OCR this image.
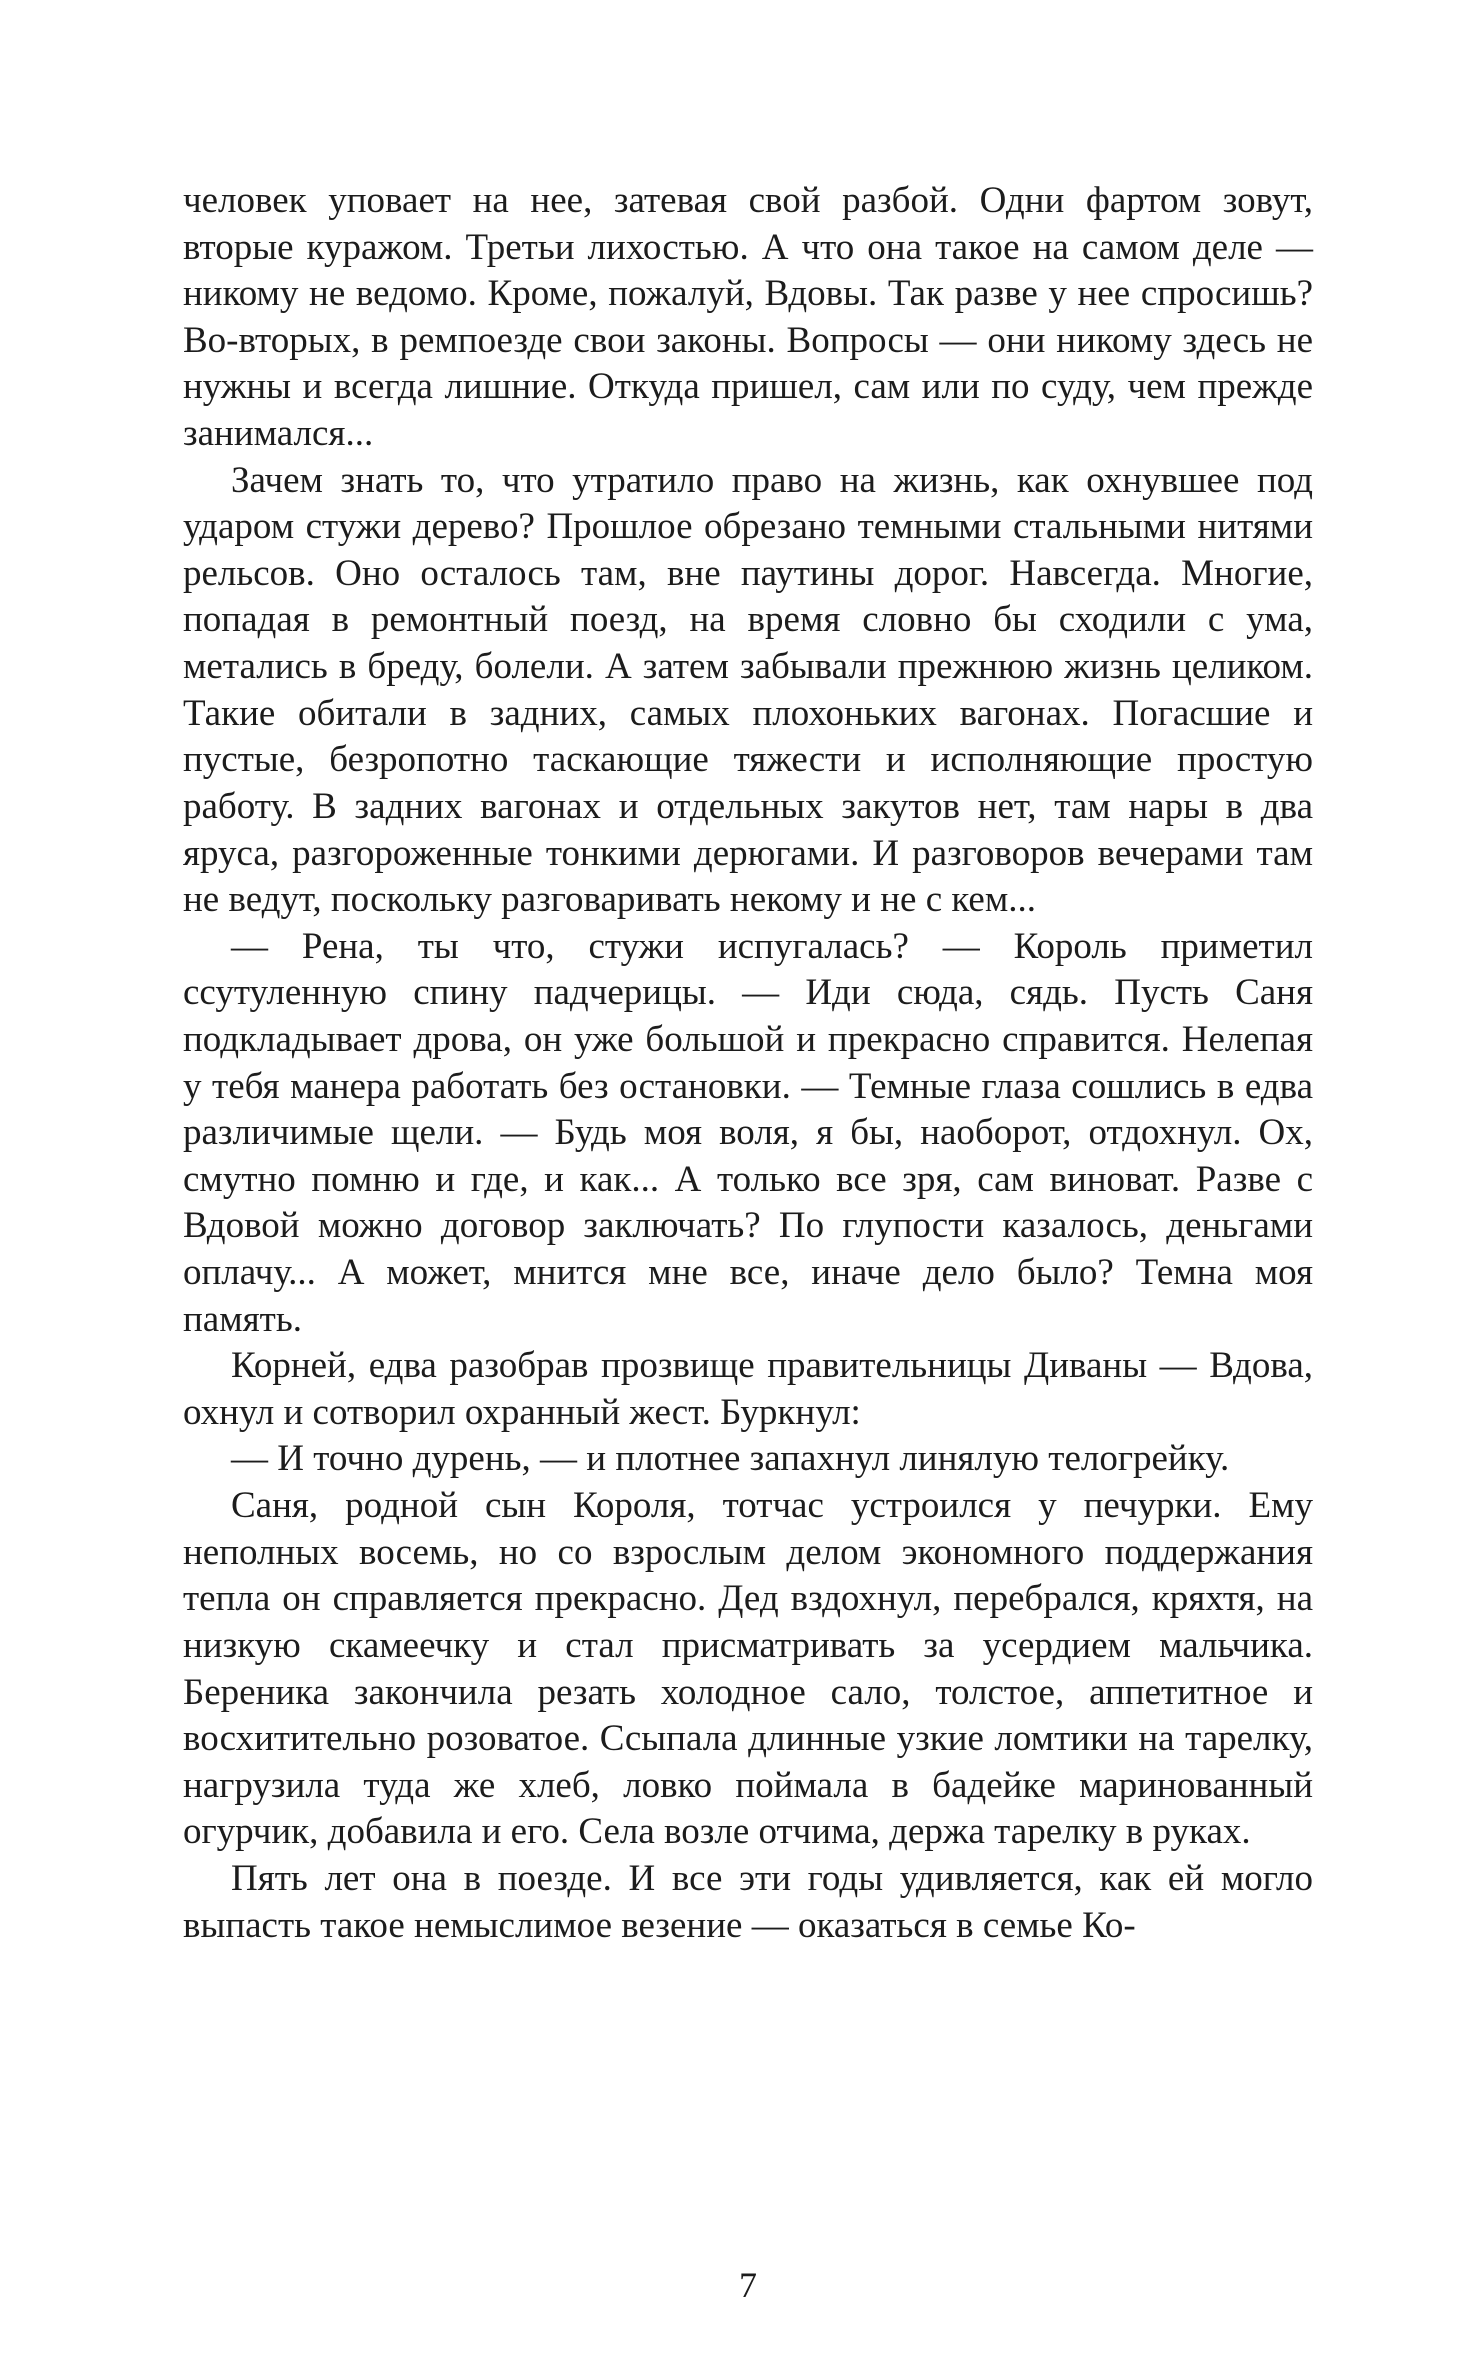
человек уповает на нее, затевая свой разбой. Одни фартом зовут, вторые куражом. Третьи лихостью. А что она такое на самом деле — никому не ведомо. Кроме, пожалуй, Вдовы. Так разве у нее спросишь? Во-вторых, в ремпоезде свои законы. Вопросы — они никому здесь не нужны и всегда лишние. Откуда пришел, сам или по суду, чем прежде занимался...

Зачем знать то, что утратило право на жизнь, как охнувшее под ударом стужи дерево? Прошлое обрезано темными стальными нитями рельсов. Оно осталось там, вне паутины дорог. Навсегда. Многие, попадая в ремонтный поезд, на время словно бы сходили с ума, метались в бреду, болели. А затем забывали прежнюю жизнь целиком. Такие обитали в задних, самых плохоньких вагонах. Погасшие и пустые, безропотно таскающие тяжести и исполняющие простую работу. В задних вагонах и отдельных закутов нет, там нары в два яруса, разгороженные тонкими дерюгами. И разговоров вечерами там не ведут, поскольку разговаривать некому и не с кем...

— Рена, ты что, стужи испугалась? — Король приметил ссутуленную спину падчерицы. — Иди сюда, сядь. Пусть Саня подкладывает дрова, он уже большой и прекрасно справится. Нелепая у тебя манера работать без остановки. — Темные глаза сошлись в едва различимые щели. — Будь моя воля, я бы, наоборот, отдохнул. Ох, смутно помню и где, и как... А только все зря, сам виноват. Разве с Вдовой можно договор заключать? По глупости казалось, деньгами оплачу... А может, мнится мне все, иначе дело было? Темна моя память.

Корней, едва разобрав прозвище правительницы Диваны — Вдова, охнул и сотворил охранный жест. Буркнул:

— И точно дурень, — и плотнее запахнул линялую телогрейку.

Саня, родной сын Короля, тотчас устроился у печурки. Ему неполных восемь, но со взрослым делом экономного поддержания тепла он справляется прекрасно. Дед вздохнул, перебрался, кряхтя, на низкую скамеечку и стал присматривать за усердием мальчика. Береника закончила резать холодное сало, толстое, аппетитное и восхитительно розоватое. Ссыпала длинные узкие ломтики на тарелку, нагрузила туда же хлеб, ловко поймала в бадейке маринованный огурчик, добавила и его. Села возле отчима, держа тарелку в руках.

Пять лет она в поезде. И все эти годы удивляется, как ей могло выпасть такое немыслимое везение — оказаться в семье Ко-

7
